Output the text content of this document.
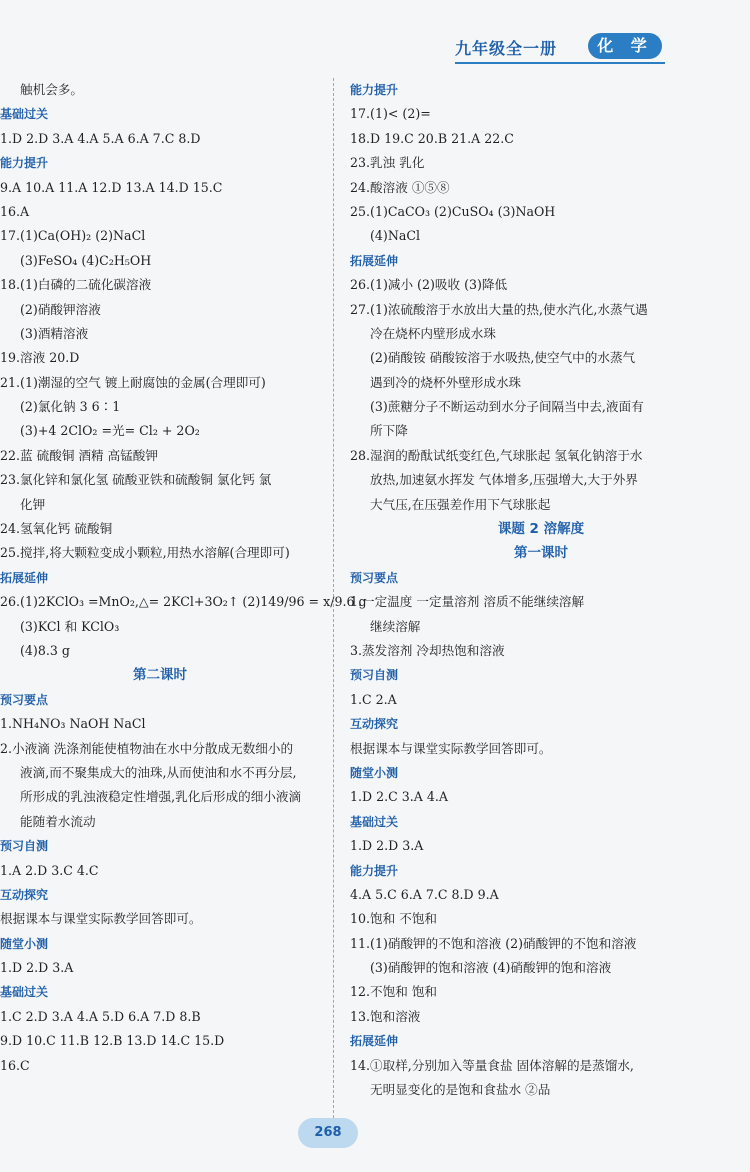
九年级全一册	化 学
触机会多。
基础过关
1.D 2.D 3.A 4.A 5.A 6.A 7.C 8.D
能力提升
9.A 10.A 11.A 12.D 13.A 14.D 15.C
16.A
17.(1)Ca(OH)₂ (2)NaCl
(3)FeSO₄ (4)C₂H₅OH
18.(1)白磷的二硫化碳溶液
(2)硝酸钾溶液
(3)酒精溶液
19.溶液 20.D
21.(1)潮湿的空气 镀上耐腐蚀的金属(合理即可)
(2)氯化钠 3 6∶1
(3)+4 2ClO₂ =光= Cl₂ + 2O₂
22.蓝 硫酸铜 酒精 高锰酸钾
23.氯化锌和氯化氢 硫酸亚铁和硫酸铜 氯化钙 氯
化钾
24.氢氧化钙 硫酸铜
25.搅拌,将大颗粒变成小颗粒,用热水溶解(合理即可)
拓展延伸
26.(1)2KClO₃ =MnO₂,△= 2KCl+3O₂↑ (2)149/96 = x/9.6 g
(3)KCl 和 KClO₃
(4)8.3 g
第二课时
预习要点
1.NH₄NO₃ NaOH NaCl
2.小液滴 洗涤剂能使植物油在水中分散成无数细小的
液滴,而不聚集成大的油珠,从而使油和水不再分层,
所形成的乳浊液稳定性增强,乳化后形成的细小液滴
能随着水流动
预习自测
1.A 2.D 3.C 4.C
互动探究
根据课本与课堂实际教学回答即可。
随堂小测
1.D 2.D 3.A
基础过关
1.C 2.D 3.A 4.A 5.D 6.A 7.D 8.B
9.D 10.C 11.B 12.B 13.D 14.C 15.D
16.C
能力提升
17.(1)< (2)=
18.D 19.C 20.B 21.A 22.C
23.乳浊 乳化
24.酸溶液 ①⑤⑧
25.(1)CaCO₃ (2)CuSO₄ (3)NaOH
(4)NaCl
拓展延伸
26.(1)减小 (2)吸收 (3)降低
27.(1)浓硫酸溶于水放出大量的热,使水汽化,水蒸气遇
冷在烧杯内壁形成水珠
(2)硝酸铵 硝酸铵溶于水吸热,使空气中的水蒸气
遇到冷的烧杯外壁形成水珠
(3)蔗糖分子不断运动到水分子间隔当中去,液面有
所下降
28.湿润的酚酞试纸变红色,气球胀起 氢氧化钠溶于水
放热,加速氨水挥发 气体增多,压强增大,大于外界
大气压,在压强差作用下气球胀起
课题 2 溶解度
第一课时
预习要点
1.一定温度 一定量溶剂 溶质不能继续溶解
继续溶解
3.蒸发溶剂 冷却热饱和溶液
预习自测
1.C 2.A
互动探究
根据课本与课堂实际教学回答即可。
随堂小测
1.D 2.C 3.A 4.A
基础过关
1.D 2.D 3.A
能力提升
4.A 5.C 6.A 7.C 8.D 9.A
10.饱和 不饱和
11.(1)硝酸钾的不饱和溶液 (2)硝酸钾的不饱和溶液
(3)硝酸钾的饱和溶液 (4)硝酸钾的饱和溶液
12.不饱和 饱和
13.饱和溶液
拓展延伸
14.①取样,分别加入等量食盐 固体溶解的是蒸馏水,
无明显变化的是饱和食盐水 ②品
268
